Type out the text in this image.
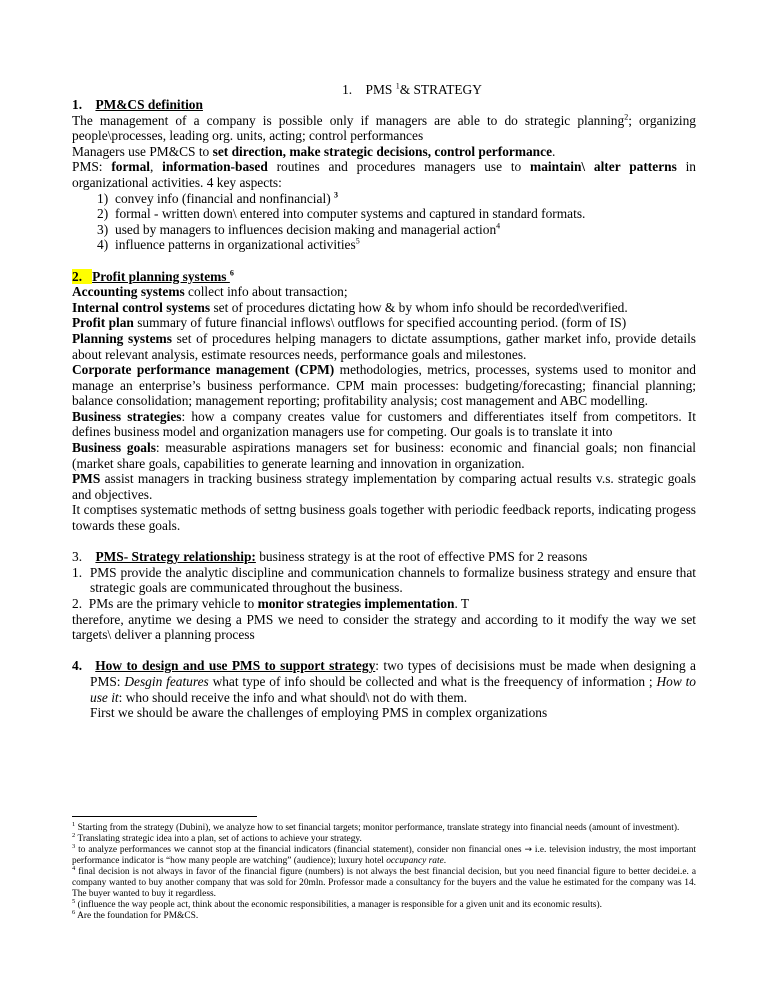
1. PMS $^1$& STRATEGY

1. PM&CS definition

The management of a company is possible only if managers are able to do strategic planning$^2$; organizing people\processes, leading org. units, acting; control performances

Managers use PM&CS to set direction, make strategic decisions, control performance.

PMS: formal, information-based routines and procedures managers use to maintain\ alter patterns in organizational activities. 4 key aspects:

1) convey info (financial and nonfinancial) $^3$
2) formal - written down\ entered into computer systems and captured in standard formats.
3) used by managers to influences decision making and managerial action$^4$
4) influence patterns in organizational activities$^5$

2. Profit planning systems $^6$

Accounting systems collect info about transaction;

Internal control systems set of procedures dictating how & by whom info should be recorded\verified.

Profit plan summary of future financial inflows\ outflows for specified accounting period. (form of IS)

Planning systems set of procedures helping managers to dictate assumptions, gather market info, provide details about relevant analysis, estimate resources needs, performance goals and milestones.

Corporate performance management (CPM) methodologies, metrics, processes, systems used to monitor and manage an enterprise’s business performance. CPM main processes: budgeting/forecasting; financial planning; balance consolidation; management reporting; profitability analysis; cost management and ABC modelling.

Business strategies: how a company creates value for customers and differentiates itself from competitors. It defines business model and organization managers use for competing. Our goals is to translate it into

Business goals: measurable aspirations managers set for business: economic and financial goals; non financial (market share goals, capabilities to generate learning and innovation in organization.

PMS assist managers in tracking business strategy implementation by comparing actual results v.s. strategic goals and objectives.

It comptises systematic methods of settng business goals together with periodic feedback reports, indicating progess towards these goals.

3. PMS- Strategy relationship: business strategy is at the root of effective PMS for 2 reasons

1. PMS provide the analytic discipline and communication channels to formalize business strategy and ensure that strategic goals are communicated throughout the business.

2. PMs are the primary vehicle to monitor strategies implementation. T

therefore, anytime we desing a PMS we need to consider the strategy and according to it modify the way we set targets\ deliver a planning process

4. How to design and use PMS to support strategy: two types of decisisions must be made when designing a PMS: Desgin features what type of info should be collected and what is the freequency of information ; How to use it: who should receive the info and what should\ not do with them.

First we should be aware the challenges of employing PMS in complex organizations

$^1$ Starting from the strategy (Dubini), we analyze how to set financial targets; monitor performance, translate strategy into financial needs (amount of investment).

$^2$ Translating strategic idea into a plan, set of actions to achieve your strategy.

$^3$ to analyze performances we cannot stop at the financial indicators (financial statement), consider non financial ones → i.e. television industry, the most important performance indicator is “how many people are watching” (audience); luxury hotel occupancy rate.

$^4$ final decision is not always in favor of the financial figure (numbers) is not always the best financial decision, but you need financial figure to better decidei.e. a company wanted to buy another company that was sold for 20mln. Professor made a consultancy for the buyers and the value he estimated for the company was 14. The buyer wanted to buy it regardless.

$^5$ (influence the way people act, think about the economic responsibilities, a manager is responsible for a given unit and its economic results).

$^6$ Are the foundation for PM&CS.
